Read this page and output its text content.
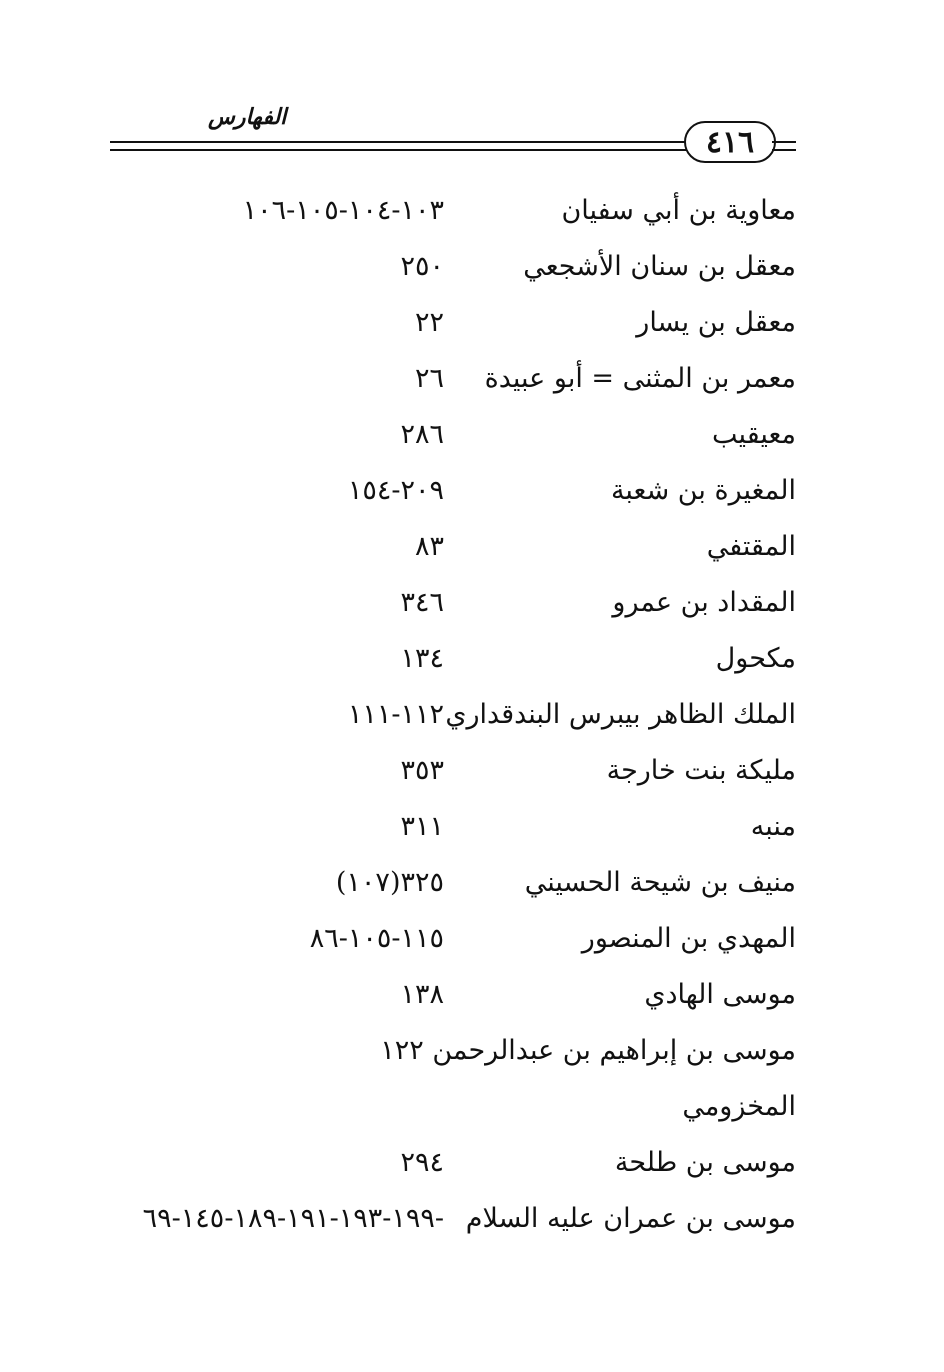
الفهارس
٤١٦
معاوية بن أبي سفيان
١٠٣-١٠٤-١٠٥-١٠٦
معقل بن سنان الأشجعي
٢٥٠
معقل بن يسار
٢٢
معمر بن المثنى = أبو عبيدة
٢٦
معيقيب
٢٨٦
المغيرة بن شعبة
٢٠٩-١٥٤
المقتفي
٨٣
المقداد بن عمرو
٣٤٦
مكحول
١٣٤
الملك الظاهر بيبرس البندقداري
١١٢-١١١
مليكة بنت خارجة
٣٥٣
منبه
٣١١
منيف بن شيحة الحسيني
٣٢٥(١٠٧)
المهدي بن المنصور
١١٥-١٠٥-٨٦
موسى الهادي
١٣٨
موسى بن إبراهيم بن عبدالرحمن ١٢٢
المخزومي
موسى بن طلحة
٢٩٤
موسى بن عمران عليه السلام
١٩٩-١٩٣-١٩١-١٨٩-١٤٥-٦٩-
